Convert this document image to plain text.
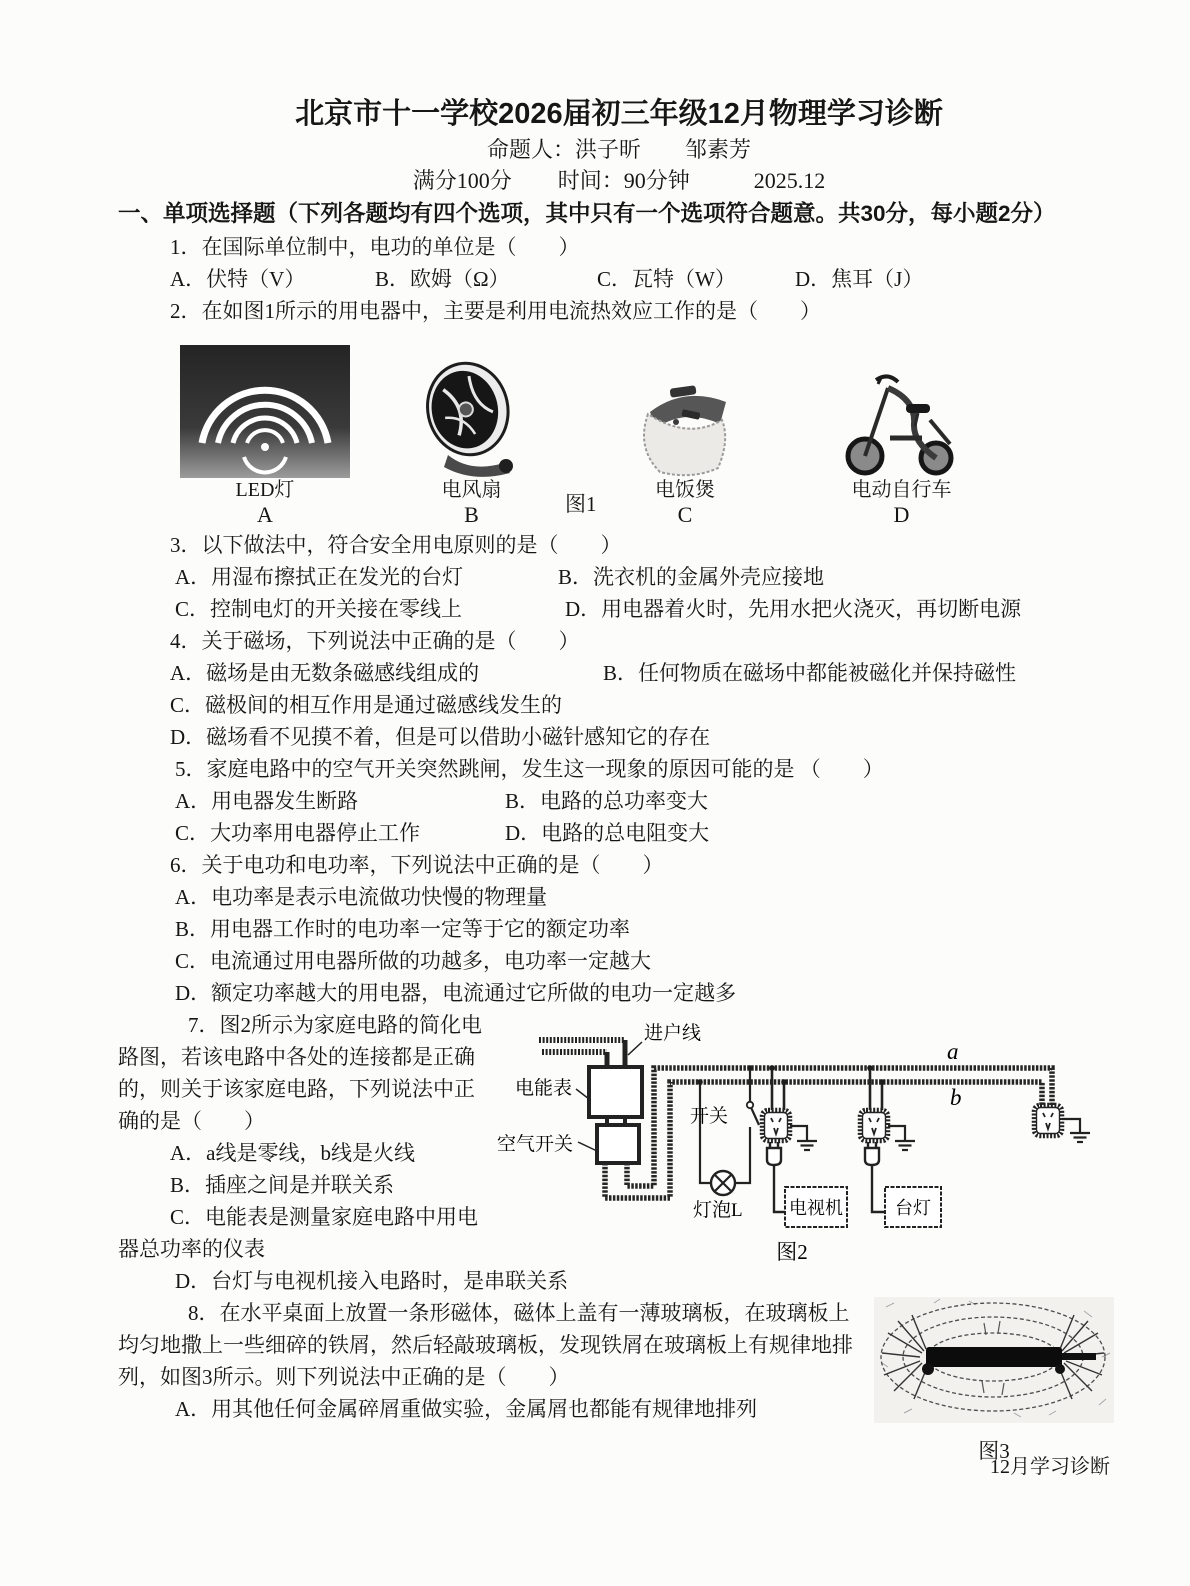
北京市十一学校2026届初三年级12月物理学习诊断
命题人：洪子昕　　邹素芳
满分100分 时间：90分钟	2025.12
一、单项选择题（下列各题均有四个选项，其中只有一个选项符合题意。共30分，每小题2分）
1．在国际单位制中，电功的单位是（　　）
A．伏特（V）	B．欧姆（Ω）	C．瓦特（W）	D．焦耳（J）
2．在如图1所示的用电器中，主要是利用电流热效应工作的是（　　）
LED灯
A
电风扇
B
电饭煲
C
电动自行车
D
图1
3．以下做法中，符合安全用电原则的是（　　）
A．用湿布擦拭正在发光的台灯	B．洗衣机的金属外壳应接地
C．控制电灯的开关接在零线上	D．用电器着火时，先用水把火浇灭，再切断电源
4．关于磁场，下列说法中正确的是（　　）
A．磁场是由无数条磁感线组成的	B．任何物质在磁场中都能被磁化并保持磁性
C．磁极间的相互作用是通过磁感线发生的
D．磁场看不见摸不着，但是可以借助小磁针感知它的存在
5．家庭电路中的空气开关突然跳闸，发生这一现象的原因可能的是 （　　）
A．用电器发生断路	B．电路的总功率变大
C．大功率用电器停止工作	D．电路的总电阻变大
6．关于电功和电功率，下列说法中正确的是（　　）
A．电功率是表示电流做功快慢的物理量
B．用电器工作时的电功率一定等于它的额定功率
C．电流通过用电器所做的功越多，电功率一定越大
D．额定功率越大的用电器，电流通过它所做的电功一定越多
7．图2所示为家庭电路的简化电路图，若该电路中各处的连接都是正确的，则关于该家庭电路，下列说法中正确的是（　　）
A．a线是零线，b线是火线
B．插座之间是并联关系
C．电能表是测量家庭电路中用电器总功率的仪表
进户线
电能表
空气开关
a
b
开关
灯泡L	电视机	台灯
图2
D．台灯与电视机接入电路时，是串联关系
图3
8．在水平桌面上放置一条形磁体，磁体上盖有一薄玻璃板，在玻璃板上均匀地撒上一些细碎的铁屑，然后轻敲玻璃板，发现铁屑在玻璃板上有规律地排列，如图3所示。则下列说法中正确的是（　　）
A．用其他任何金属碎屑重做实验，金属屑也都能有规律地排列
12月学习诊断
